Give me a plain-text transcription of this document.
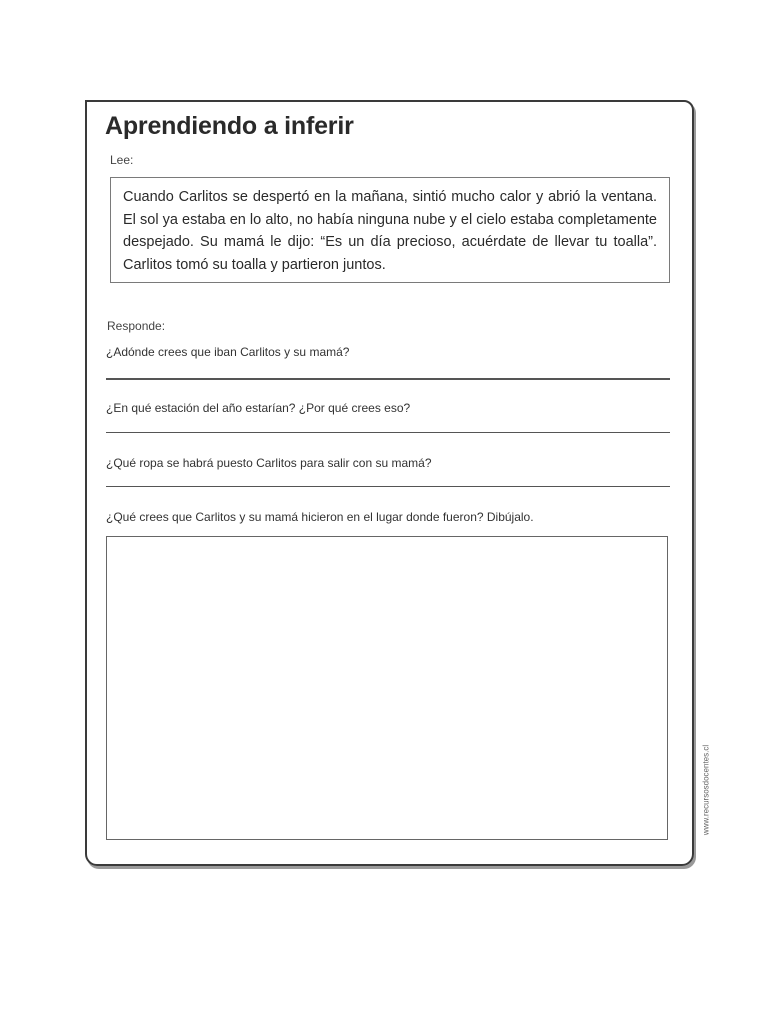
Aprendiendo a inferir

Lee:

Cuando Carlitos se despertó en la mañana, sintió mucho calor y abrió la ventana. El sol ya estaba en lo alto, no había ninguna nube y el cielo estaba completamente despejado. Su mamá le dijo: “Es un día precioso, acuérdate de llevar tu toalla”. Carlitos tomó su toalla y partieron juntos.

Responde:

¿Adónde crees que iban Carlitos y su mamá?

¿En qué estación del año estarían? ¿Por qué crees eso?

¿Qué ropa se habrá puesto Carlitos para salir con su mamá?

¿Qué crees que Carlitos y su mamá hicieron en el lugar donde fueron? Dibújalo.

www.recursosdocentes.cl
